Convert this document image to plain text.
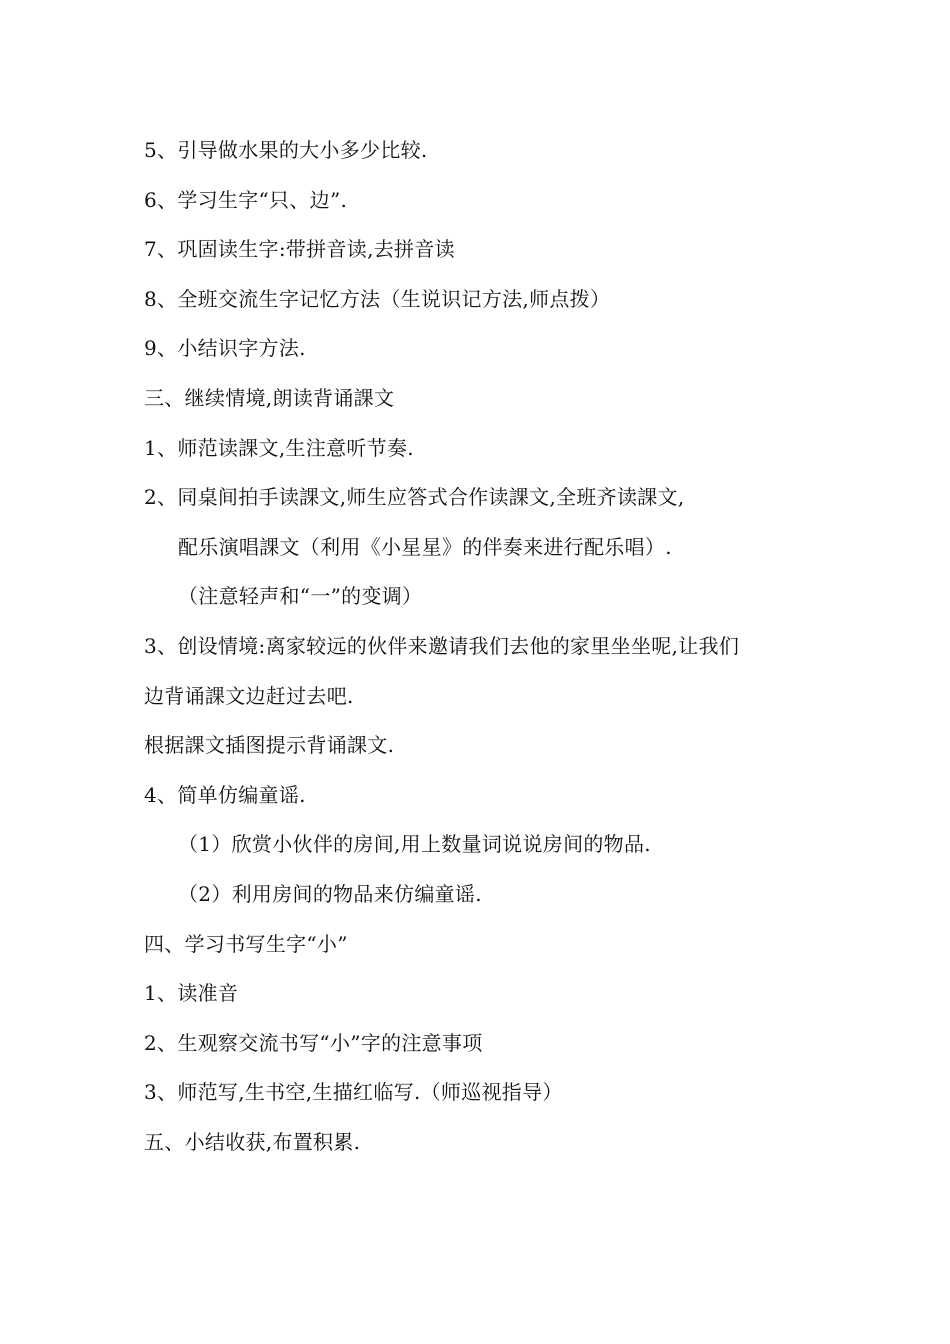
5、引导做水果的大小多少比较.
6、学习生字“只、边”.
7、巩固读生字:带拼音读,去拼音读
8、全班交流生字记忆方法（生说识记方法,师点拨）
9、小结识字方法.
三、继续情境,朗读背诵課文
1、师范读課文,生注意听节奏.
2、同桌间拍手读課文,师生应答式合作读課文,全班齐读課文,
配乐演唱課文（利用《小星星》的伴奏来进行配乐唱）.
（注意轻声和“一”的变调）
3、创设情境:离家较远的伙伴来邀请我们去他的家里坐坐呢,让我们
边背诵課文边赶过去吧.
根据課文插图提示背诵課文.
4、简单仿编童谣.
（1）欣赏小伙伴的房间,用上数量词说说房间的物品.
（2）利用房间的物品来仿编童谣.
四、学习书写生字“小”
1、读准音
2、生观察交流书写“小”字的注意事项
3、师范写,生书空,生描红临写.（师巡视指导）
五、小结收获,布置积累.
